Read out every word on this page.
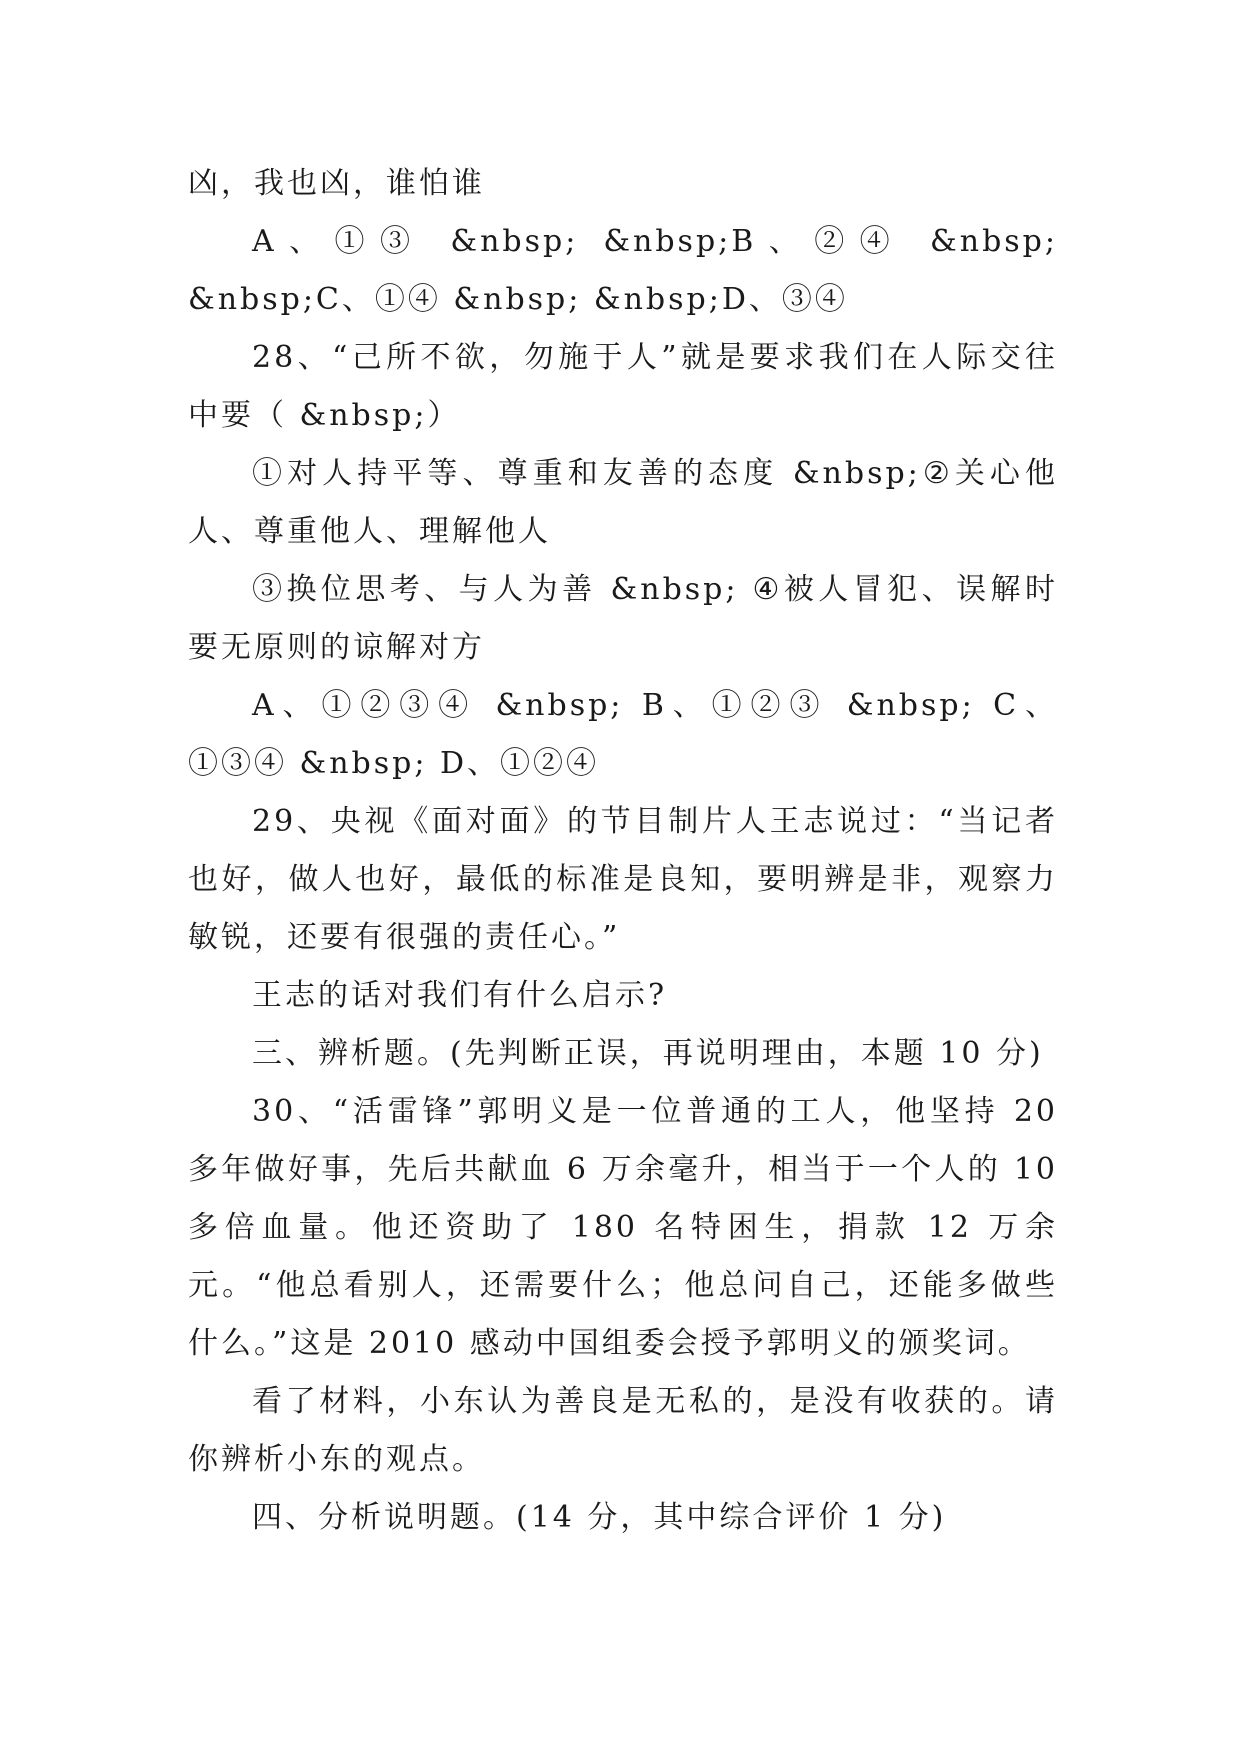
凶，我也凶，谁怕谁

A、①③ &nbsp; &nbsp;B、②④ &nbsp; &nbsp;C、①④ &nbsp; &nbsp;D、③④

28、“己所不欲，勿施于人”就是要求我们在人际交往中要（ &nbsp;）

①对人持平等、尊重和友善的态度 &nbsp;②关心他人、尊重他人、理解他人

③换位思考、与人为善 &nbsp; ④被人冒犯、误解时要无原则的谅解对方

A、①②③④ &nbsp; B、①②③ &nbsp; C、①③④ &nbsp; D、①②④

29、央视《面对面》的节目制片人王志说过：“当记者也好，做人也好，最低的标准是良知，要明辨是非，观察力敏锐，还要有很强的责任心。”

王志的话对我们有什么启示?

三、辨析题。(先判断正误，再说明理由，本题 10 分)

30、“活雷锋”郭明义是一位普通的工人，他坚持 20 多年做好事，先后共献血 6 万余毫升，相当于一个人的 10 多倍血量。他还资助了 180 名特困生，捐款 12 万余元。“他总看别人，还需要什么；他总问自己，还能多做些什么。”这是 2010 感动中国组委会授予郭明义的颁奖词。

看了材料，小东认为善良是无私的，是没有收获的。请你辨析小东的观点。

四、分析说明题。(14 分，其中综合评价 1 分)
